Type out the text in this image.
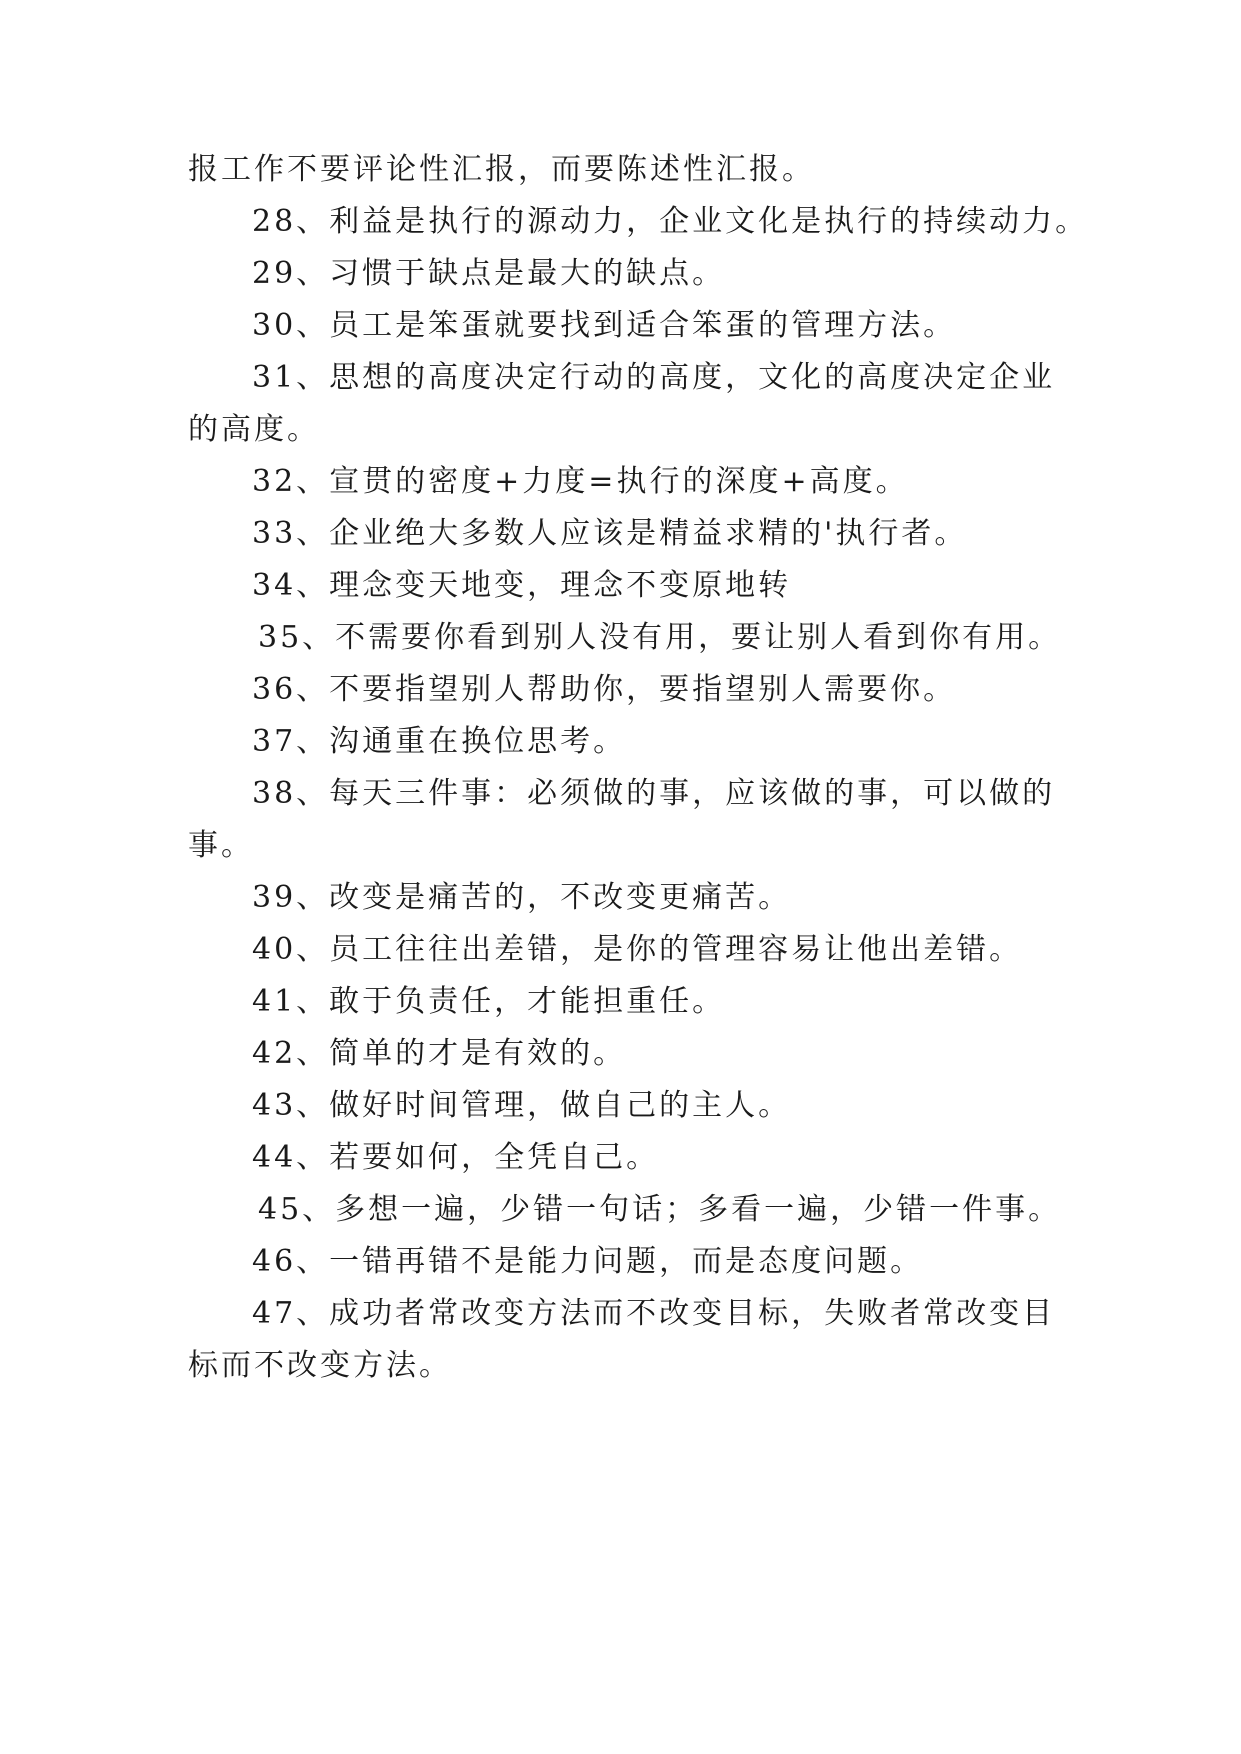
报工作不要评论性汇报，而要陈述性汇报。
28、利益是执行的源动力，企业文化是执行的持续动力。
29、习惯于缺点是最大的缺点。
30、员工是笨蛋就要找到适合笨蛋的管理方法。
31、思想的高度决定行动的高度，文化的高度决定企业
的高度。
32、宣贯的密度+力度=执行的深度+高度。
33、企业绝大多数人应该是精益求精的'执行者。
34、理念变天地变，理念不变原地转
35、不需要你看到别人没有用，要让别人看到你有用。
36、不要指望别人帮助你，要指望别人需要你。
37、沟通重在换位思考。
38、每天三件事：必须做的事，应该做的事，可以做的
事。
39、改变是痛苦的，不改变更痛苦。
40、员工往往出差错，是你的管理容易让他出差错。
41、敢于负责任，才能担重任。
42、简单的才是有效的。
43、做好时间管理，做自己的主人。
44、若要如何，全凭自己。
45、多想一遍，少错一句话；多看一遍，少错一件事。
46、一错再错不是能力问题，而是态度问题。
47、成功者常改变方法而不改变目标，失败者常改变目
标而不改变方法。
